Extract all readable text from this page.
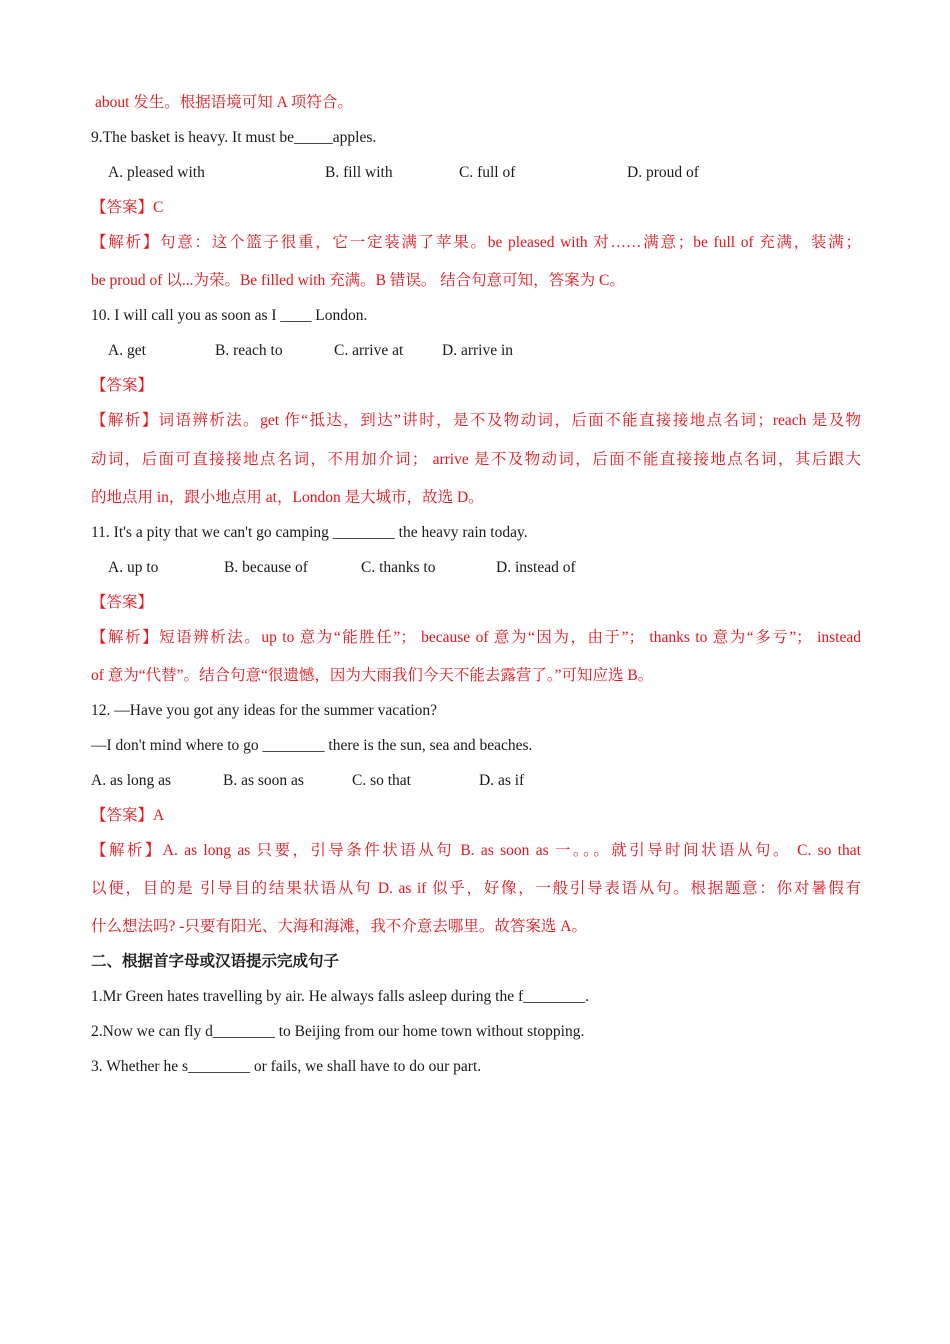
about 发生。根据语境可知 A 项符合。
9.The basket is heavy. It must be_____apples.
A. pleased with	B. fill with	C. full of	D. proud of
【答案】C
【解析】句意：这个篮子很重，它一定装满了苹果。be pleased with 对……满意；be full of 充满，装满；
be proud of 以...为荣。Be filled with 充满。B 错误。 结合句意可知，答案为 C。
10. I will call you as soon as I ____ London.
A. get	B. reach to	C. arrive at D. arrive in
【答案】
【解析】词语辨析法。get 作“抵达，到达”讲时，是不及物动词，后面不能直接接地点名词；reach 是及物
动词，后面可直接接地点名词，不用加介词； arrive 是不及物动词，后面不能直接接地点名词，其后跟大
的地点用 in，跟小地点用 at，London 是大城市，故选 D。
11. It's a pity that we can't go camping ________ the heavy rain today.
A. up to	B. because of	C. thanks to	D. instead of
【答案】
【解析】短语辨析法。up to 意为“能胜任”； because of 意为“因为，由于”； thanks to 意为“多亏”； instead
of 意为“代替”。结合句意“很遗憾，因为大雨我们今天不能去露营了。”可知应选 B。
12. —Have you got any ideas for the summer vacation?
—I don't mind where to go ________ there is the sun, sea and beaches.
A. as long as	B. as soon as	C. so that	D. as if
【答案】A
【解析】A. as long as 只要，引导条件状语从句 B. as soon as 一。。。就引导时间状语从句。 C. so that
以便，目的是 引导目的结果状语从句 D. as if 似乎，好像，一般引导表语从句。根据题意：你对暑假有
什么想法吗? -只要有阳光、大海和海滩，我不介意去哪里。故答案选 A。
二、根据首字母或汉语提示完成句子
1.Mr Green hates travelling by air. He always falls asleep during the f________.
2.Now we can fly d________ to Beijing from our home town without stopping.
3. Whether he s________ or fails, we shall have to do our part.
